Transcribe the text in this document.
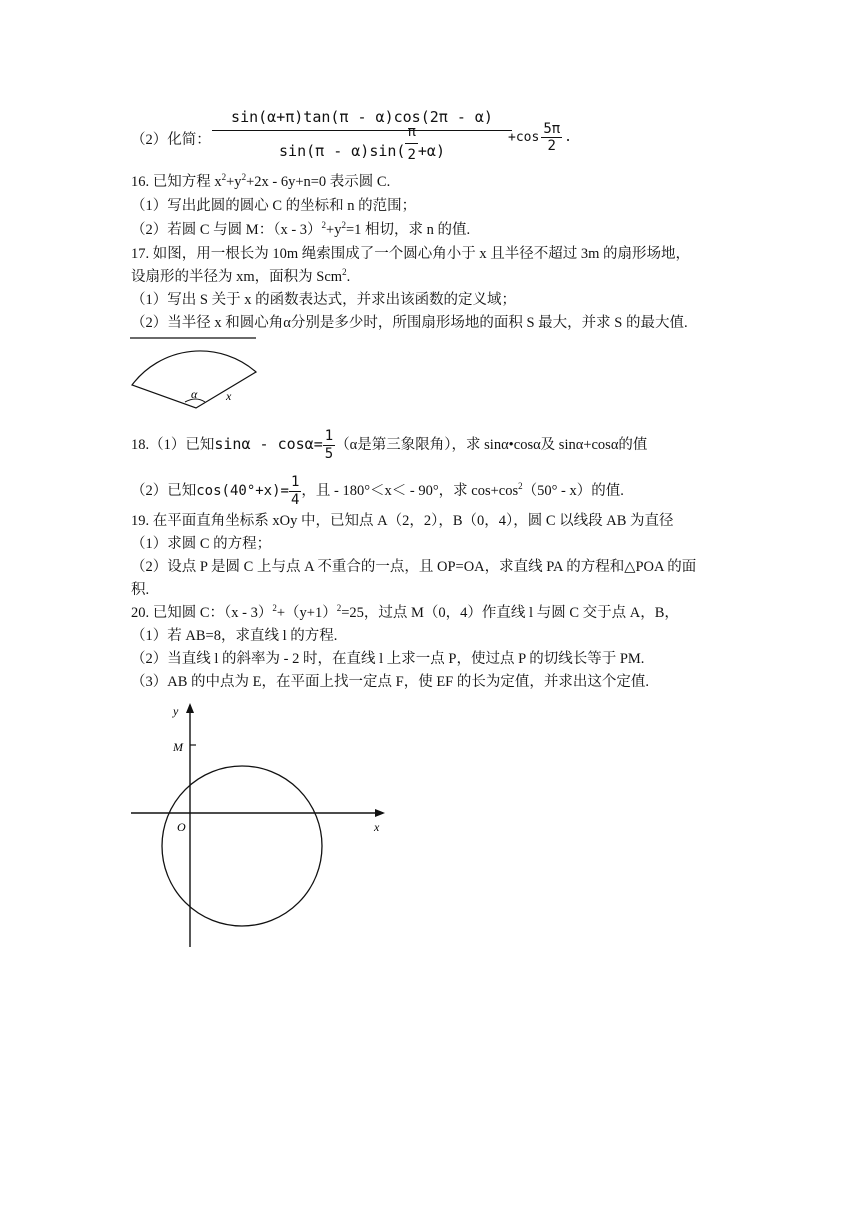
（2）化简：
sin(α+π)tan(π - α)cos(2π - α)
$\sin(\pi - \alpha)\sin( \frac{\pi}{2} +\alpha)$
$+\cos \frac{5\pi}{2}$ .
16. 已知方程 $x^2+y^2+2x - 6y+n=0$ 表示圆 C.
（1）写出此圆的圆心 C 的坐标和 n 的范围；
（2）若圆 C 与圆 M：$(x - 3)^2+y^2=1$ 相切，求 n 的值.
17. 如图，用一根长为 10m 绳索围成了一个圆心角小于 x 且半径不超过 3m 的扇形场地，
设扇形的半径为 xm，面积为 Scm$^2$.
（1）写出 S 关于 x 的函数表达式，并求出该函数的定义域；
（2）当半径 x 和圆心角α分别是多少时，所围扇形场地的面积 S 最大，并求 S 的最大值.
α x
18.（1）已知$\sin\alpha - \cos\alpha= \frac{1}{5} (\alpha$是第三象限角），求 sinα•cosα及 sinα+cosα的值
（2）已知$\cos(40^\circ+x)= \frac{1}{4}$ ，且 - 180°＜x＜ - 90°，求 $\cos+\cos^2(50^\circ - x)$的值.
19. 在平面直角坐标系 xOy 中，已知点 A（2，2），B（0，4），圆 C 以线段 AB 为直径
（1）求圆 C 的方程；
（2）设点 P 是圆 C 上与点 A 不重合的一点，且 OP=OA，求直线 PA 的方程和△POA 的面
积.
20. 已知圆 C：$(x - 3)^2+(y+1)^2=25$，过点 M（0，4）作直线 l 与圆 C 交于点 A，B，
（1）若 AB=8，求直线 l 的方程.
（2）当直线 l 的斜率为 - 2 时，在直线 l 上求一点 P，使过点 P 的切线长等于 PM.
（3）AB 的中点为 E，在平面上找一定点 F，使 EF 的长为定值，并求出这个定值.
y
x
M
O
